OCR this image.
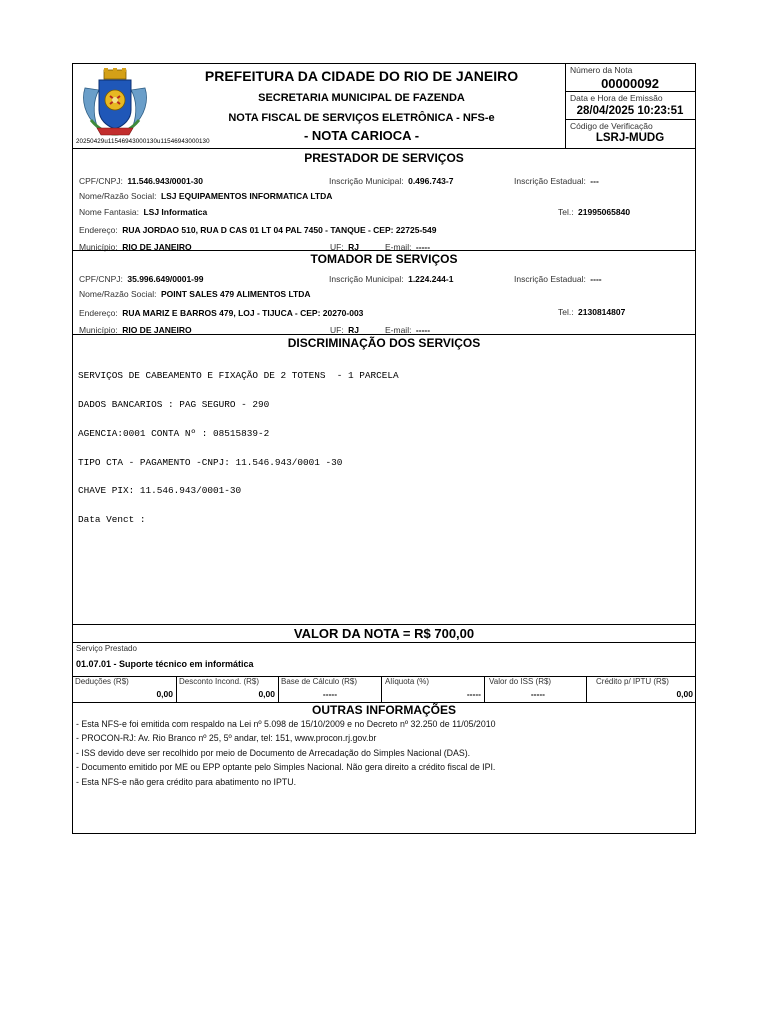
20250429u11546943000130u11546943000130
PREFEITURA DA CIDADE DO RIO DE JANEIRO
SECRETARIA MUNICIPAL DE FAZENDA
NOTA FISCAL DE SERVIÇOS ELETRÔNICA - NFS-e
- NOTA CARIOCA -
Número da Nota
00000092
Data e Hora de Emissão
28/04/2025 10:23:51
Código de Verificação
LSRJ-MUDG
PRESTADOR DE SERVIÇOS
CPF/CNPJ: 11.546.943/0001-30	Inscrição Municipal: 0.496.743-7	Inscrição Estadual: ---
Nome/Razão Social: LSJ EQUIPAMENTOS INFORMATICA LTDA
Nome Fantasia: LSJ Informatica	Tel.: 21995065840
Endereço: RUA JORDAO 510, RUA D CAS 01 LT 04 PAL 7450 - TANQUE - CEP: 22725-549
Município: RIO DE JANEIRO	UF: RJ	E-mail: -----
TOMADOR DE SERVIÇOS
CPF/CNPJ: 35.996.649/0001-99	Inscrição Municipal: 1.224.244-1	Inscrição Estadual: ----
Nome/Razão Social: POINT SALES 479 ALIMENTOS LTDA
Endereço: RUA MARIZ E BARROS 479, LOJ - TIJUCA - CEP: 20270-003	Tel.: 2130814807
Município: RIO DE JANEIRO	UF: RJ	E-mail: -----
DISCRIMINAÇÃO DOS SERVIÇOS

SERVIÇOS DE CABEAMENTO E FIXAÇÃO DE 2 TOTENS  - 1 PARCELA

DADOS BANCARIOS : PAG SEGURO - 290

AGENCIA:0001 CONTA Nº : 08515839-2

TIPO CTA - PAGAMENTO -CNPJ: 11.546.943/0001 -30

CHAVE PIX: 11.546.943/0001-30

Data Venct :

VALOR DA NOTA = R$ 700,00
Serviço Prestado
01.07.01 - Suporte técnico em informática
Deduções (R$)
0,00
Desconto Incond. (R$)
0,00
Base de Cálculo (R$)
-----
Alíquota (%)
-----
Valor do ISS (R$)
-----
Crédito p/ IPTU (R$)
0,00
OUTRAS INFORMAÇÕES
- Esta NFS-e foi emitida com respaldo na Lei nº 5.098 de 15/10/2009 e no Decreto nº 32.250 de 11/05/2010
- PROCON-RJ: Av. Rio Branco nº 25, 5º andar, tel: 151, www.procon.rj.gov.br
- ISS devido deve ser recolhido por meio de Documento de Arrecadação do Simples Nacional (DAS).
- Documento emitido por ME ou EPP optante pelo Simples Nacional. Não gera direito a crédito fiscal de IPI.
- Esta NFS-e não gera crédito para abatimento no IPTU.
